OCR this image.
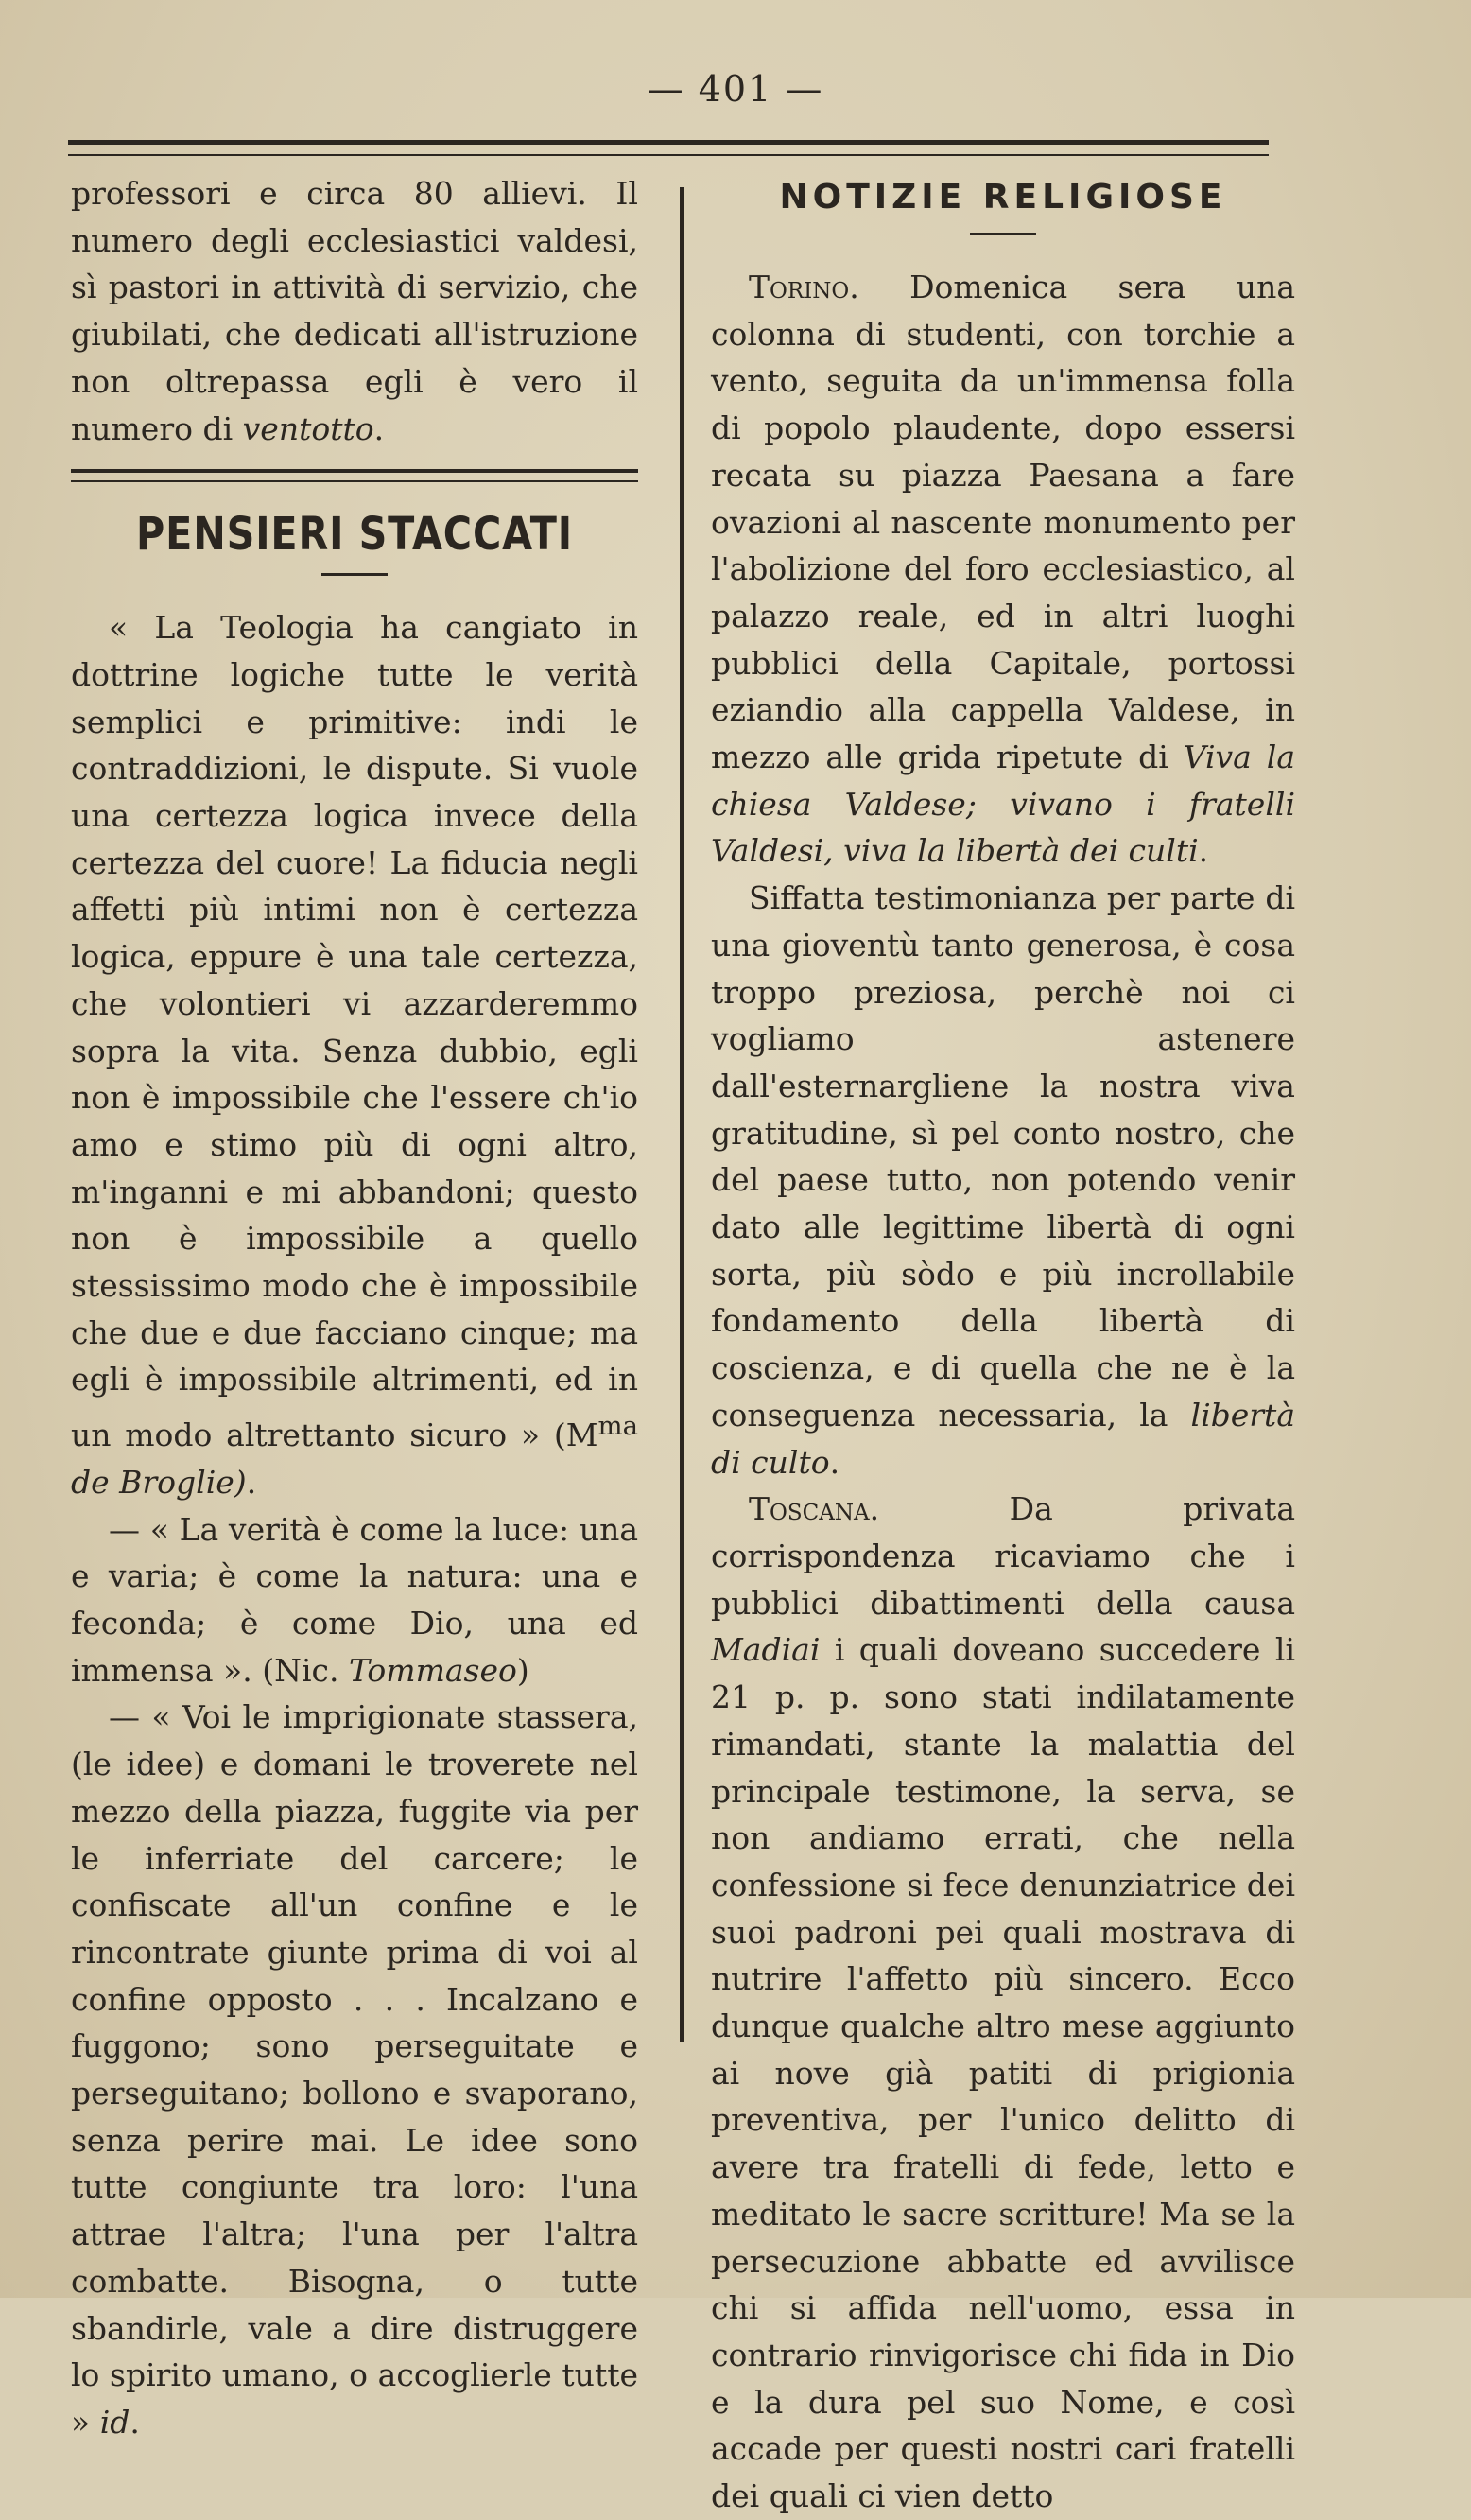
— 401 —

professori e circa 80 allievi. Il numero degli ecclesiastici valdesi, sì pastori in attività di servizio, che giubilati, che dedicati all'istruzione non oltrepassa egli è vero il numero di ventotto.

PENSIERI STACCATI

« La Teologia ha cangiato in dottrine logiche tutte le verità semplici e primitive: indi le contraddizioni, le dispute. Si vuole una certezza logica invece della certezza del cuore! La fiducia negli affetti più intimi non è certezza logica, eppure è una tale certezza, che volontieri vi azzarderemmo sopra la vita. Senza dubbio, egli non è impossibile che l'essere ch'io amo e stimo più di ogni altro, m'inganni e mi abbandoni; questo non è impossibile a quello stessissimo modo che è impossibile che due e due facciano cinque; ma egli è impossibile altrimenti, ed in un modo altrettanto sicuro » ($M^{ma}$ de Broglie).

— « La verità è come la luce: una e varia; è come la natura: una e feconda; è come Dio, una ed immensa ». (Nic. Tommaseo)

— « Voi le imprigionate stassera, (le idee) e domani le troverete nel mezzo della piazza, fuggite via per le inferriate del carcere; le confiscate all'un confine e le rincontrate giunte prima di voi al confine opposto . . . Incalzano e fuggono; sono perseguitate e perseguitano; bollono e svaporano, senza perire mai. Le idee sono tutte congiunte tra loro: l'una attrae l'altra; l'una per l'altra combatte. Bisogna, o tutte sbandirle, vale a dire distruggere lo spirito umano, o accoglierle tutte » id.

NOTIZIE RELIGIOSE

Torino. Domenica sera una colonna di studenti, con torchie a vento, seguita da un'immensa folla di popolo plaudente, dopo essersi recata su piazza Paesana a fare ovazioni al nascente monumento per l'abolizione del foro ecclesiastico, al palazzo reale, ed in altri luoghi pubblici della Capitale, portossi eziandio alla cappella Valdese, in mezzo alle grida ripetute di Viva la chiesa Valdese; vivano i fratelli Valdesi, viva la libertà dei culti.

Siffatta testimonianza per parte di una gioventù tanto generosa, è cosa troppo preziosa, perchè noi ci vogliamo astenere dall'esternargliene la nostra viva gratitudine, sì pel conto nostro, che del paese tutto, non potendo venir dato alle legittime libertà di ogni sorta, più sòdo e più incrollabile fondamento della libertà di coscienza, e di quella che ne è la conseguenza necessaria, la libertà di culto.

Toscana. Da privata corrispondenza ricaviamo che i pubblici dibattimenti della causa Madiai i quali doveano succedere li 21 p. p. sono stati indilatamente rimandati, stante la malattia del principale testimone, la serva, se non andiamo errati, che nella confessione si fece denunziatrice dei suoi padroni pei quali mostrava di nutrire l'affetto più sincero. Ecco dunque qualche altro mese aggiunto ai nove già patiti di prigionia preventiva, per l'unico delitto di avere tra fratelli di fede, letto e meditato le sacre scritture! Ma se la persecuzione abbatte ed avvilisce chi si affida nell'uomo, essa in contrario rinvigorisce chi fida in Dio e la dura pel suo Nome, e così accade per questi nostri cari fratelli dei quali ci vien detto
